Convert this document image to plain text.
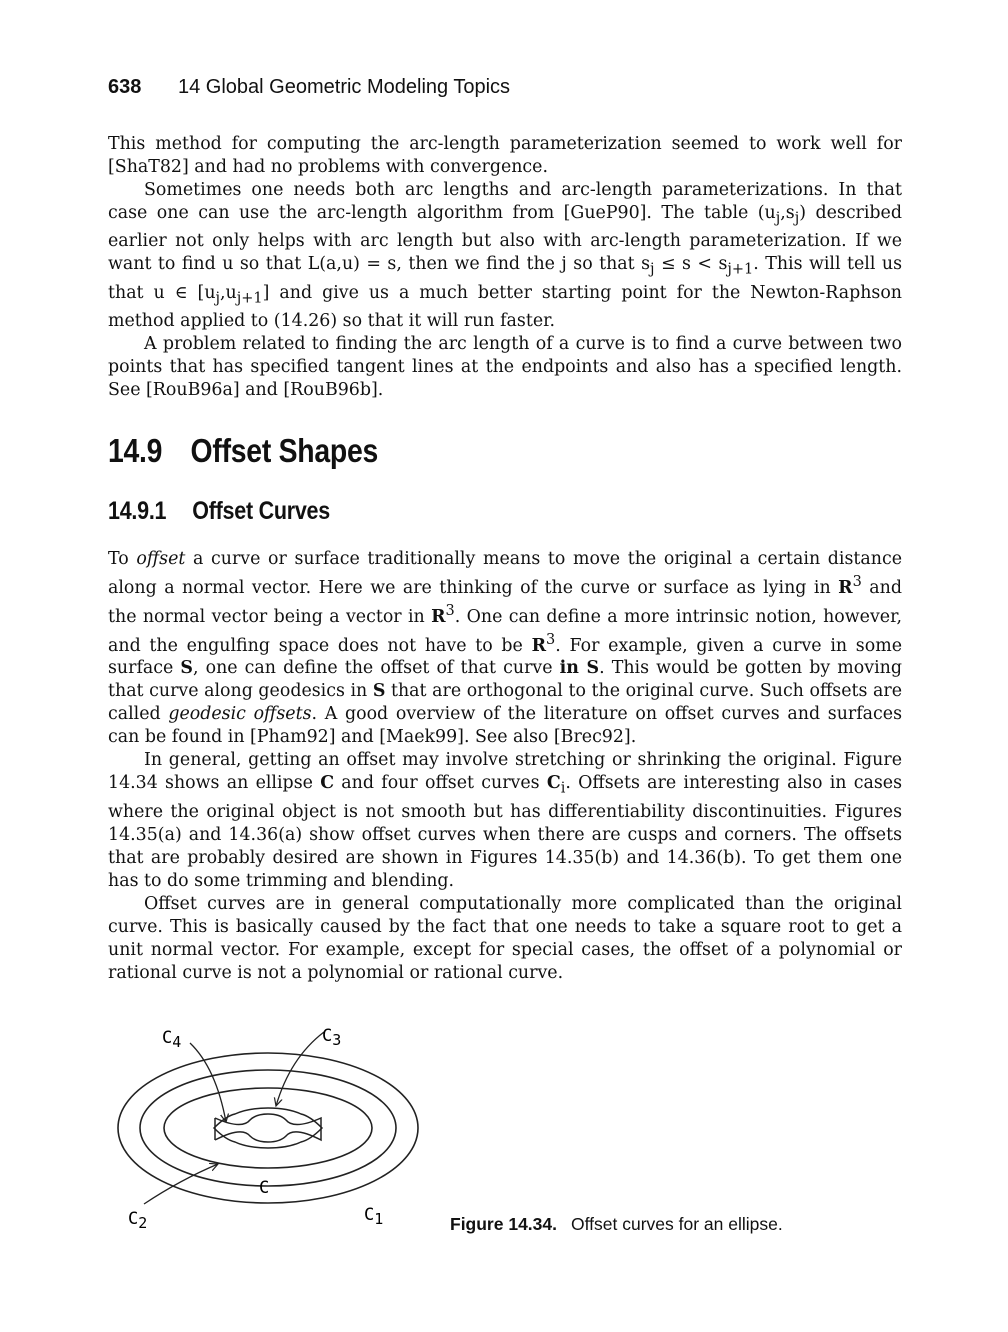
638 14 Global Geometric Modeling Topics

This method for computing the arc-length parameterization seemed to work well for [ShaT82] and had no problems with convergence.

Sometimes one needs both arc lengths and arc-length parameterizations. In that case one can use the arc-length algorithm from [GueP90]. The table $(u_j,s_j)$ described earlier not only helps with arc length but also with arc-length parameterization. If we want to find u so that L(a,u) = s, then we find the j so that $s_j \le s < s_{j+1}$. This will tell us that u ∈ $[u_j,u_{j+1}]$ and give us a much better starting point for the Newton-Raphson method applied to (14.26) so that it will run faster.

A problem related to finding the arc length of a curve is to find a curve between two points that has specified tangent lines at the endpoints and also has a specified length. See [RouB96a] and [RouB96b].

14.9 Offset Shapes
14.9.1 Offset Curves

To offset a curve or surface traditionally means to move the original a certain distance along a normal vector. Here we are thinking of the curve or surface as lying in $R^3$ and the normal vector being a vector in $R^3$. One can define a more intrinsic notion, however, and the engulfing space does not have to be $R^3$. For example, given a curve in some surface S, one can define the offset of that curve in S. This would be gotten by moving that curve along geodesics in S that are orthogonal to the original curve. Such offsets are called geodesic offsets. A good overview of the literature on offset curves and surfaces can be found in [Pham92] and [Maek99]. See also [Brec92].

In general, getting an offset may involve stretching or shrinking the original. Figure 14.34 shows an ellipse C and four offset curves $C_i$. Offsets are interesting also in cases where the original object is not smooth but has differentiability discontinuities. Figures 14.35(a) and 14.36(a) show offset curves when there are cusps and corners. The offsets that are probably desired are shown in Figures 14.35(b) and 14.36(b). To get them one has to do some trimming and blending.

Offset curves are in general computationally more complicated than the original curve. This is basically caused by the fact that one needs to take a square root to get a unit normal vector. For example, except for special cases, the offset of a polynomial or rational curve is not a polynomial or rational curve.

C4	C3
C
C2	C1	Figure 14.34. Offset curves for an ellipse.
